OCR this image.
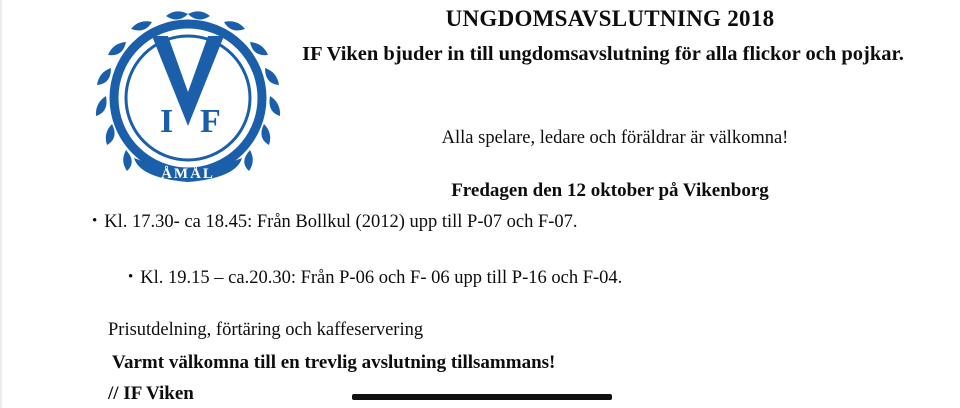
I F
ÅMÅL
UNGDOMSAVSLUTNING 2018
IF Viken bjuder in till ungdomsavslutning för alla flickor och pojkar.
Alla spelare, ledare och föräldrar är välkomna!
Fredagen den 12 oktober på Vikenborg
• Kl. 17.30- ca 18.45: Från Bollkul (2012) upp till P-07 och F-07.
• Kl. 19.15 – ca.20.30: Från P-06 och F- 06 upp till P-16 och F-04.
Prisutdelning, förtäring och kaffeservering
Varmt välkomna till en trevlig avslutning tillsammans!
// IF Viken
